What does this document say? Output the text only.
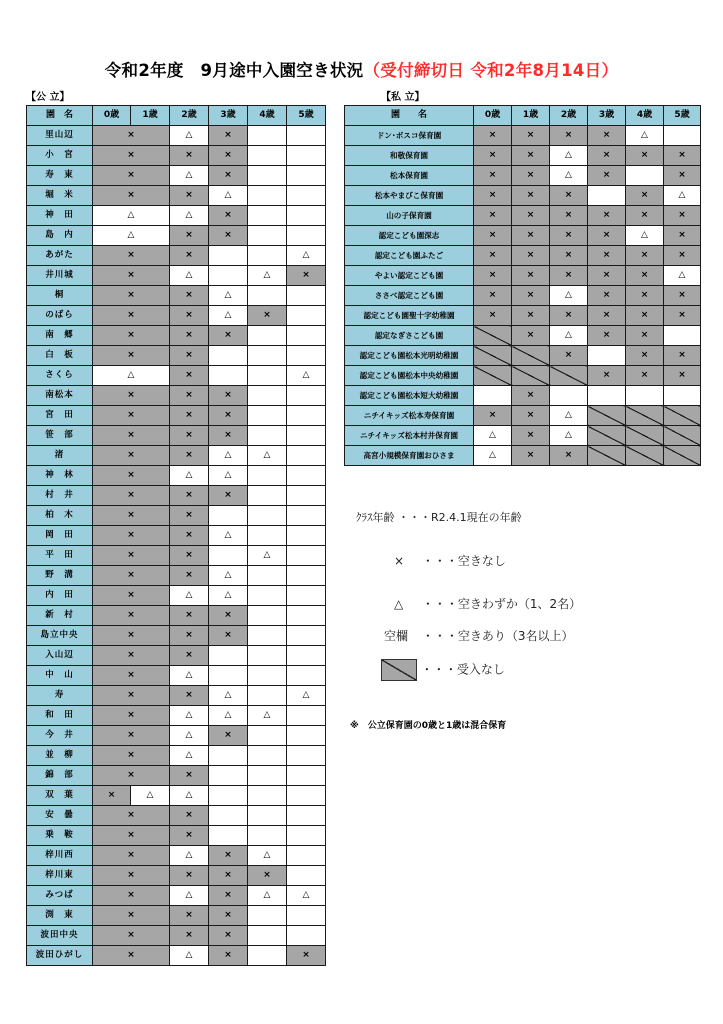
令和2年度　9月途中入園空き状況（受付締切日 令和2年8月14日）
【公 立】	【私 立】
園　名	0歳	1歳	2歳	3歳	4歳	5歳
里山辺	×		△	×		
小　宮	×		×	×		
寿　東	×		△	×		
堀　米	×		×	△		
神　田	△		△	×		
島　内	△		×	×		
あがた	×		×			△
井川城	×		△		△	×
桐	×		×	△		
のばら	×		×	△	×	
南　郷	×		×	×		
白　板	×		×			
さくら	△		×			△
南松本	×		×	×		
宮　田	×		×	×		
笹　部	×		×	×		
渚	×		×	△	△	
神　林	×		△	△		
村　井	×		×	×		
柏　木	×		×			
岡　田	×		×	△		
平　田	×		×		△	
野　溝	×		×	△		
内　田	×		△	△		
新　村	×		×	×		
島立中央	×		×	×		
入山辺	×		×			
中　山	×		△			
寿	×		×	△		△
和　田	×		△	△	△	
今　井	×		△	×		
並　柳	×		△			
錦　部	×		×			
双　葉	×	△	△			
安　曇	×		×			
乗　鞍	×		×			
梓川西	×		△	×	△	
梓川東	×		×	×	×	
みつば	×		△	×	△	△
渕　東	×		×	×		
波田中央	×		×	×		
波田ひがし	×		△	×		×
園　　名	0歳	1歳	2歳	3歳	4歳	5歳
ドン･ボスコ保育園	×	×	×	×	△	
和敬保育園	×	×	△	×	×	×
松本保育園	×	×	△	×		×
松本やまびこ保育園	×	×	×		×	△
山の子保育園	×	×	×	×	×	×
認定こども園深志	×	×	×	×	△	×
認定こども園ふたご	×	×	×	×	×	×
やよい認定こども園	×	×	×	×	×	△
ささべ認定こども園	×	×	△	×	×	×
認定こども園聖十字幼稚園	×	×	×	×	×	×
認定なぎさこども園		×	△	×	×	
認定こども園松本光明幼稚園			×		×	×
認定こども園松本中央幼稚園				×	×	×
認定こども園松本短大幼稚園		×				
ニチイキッズ松本寿保育園	×	×	△			
ニチイキッズ松本村井保育園	△	×	△			
高宮小規模保育園おひさま	△	×	×			
ｸﾗｽ年齢 ・・・R2.4.1現在の年齢
× ・・・空きなし
△ ・・・空きわずか（1、2名）
空欄 ・・・空きあり（3名以上）
・・・受入なし
※　公立保育園の0歳と1歳は混合保育
